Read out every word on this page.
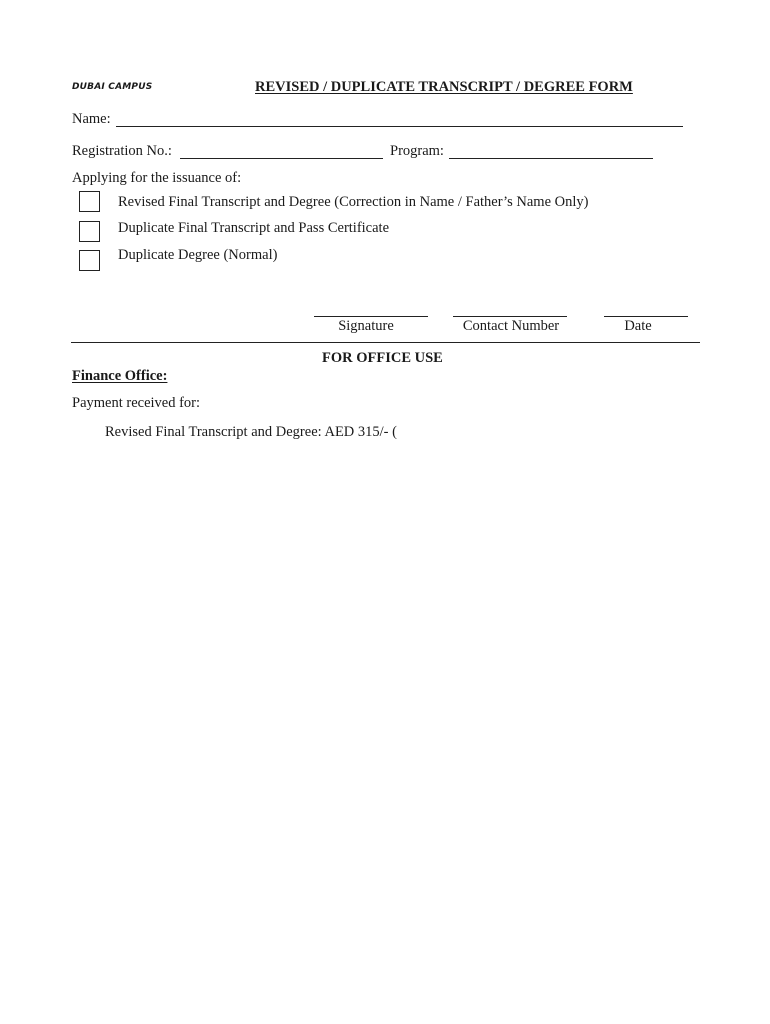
DUBAI CAMPUS	REVISED / DUPLICATE TRANSCRIPT / DEGREE FORM
Name:
Registration No.:	Program:
Applying for the issuance of:
Revised Final Transcript and Degree (Correction in Name / Father’s Name Only)
Duplicate Final Transcript and Pass Certificate
Duplicate Degree (Normal)
Signature	Contact Number	Date
FOR OFFICE USE
Finance Office:
Payment received for:
Revised Final Transcript and Degree: AED 315/- (
